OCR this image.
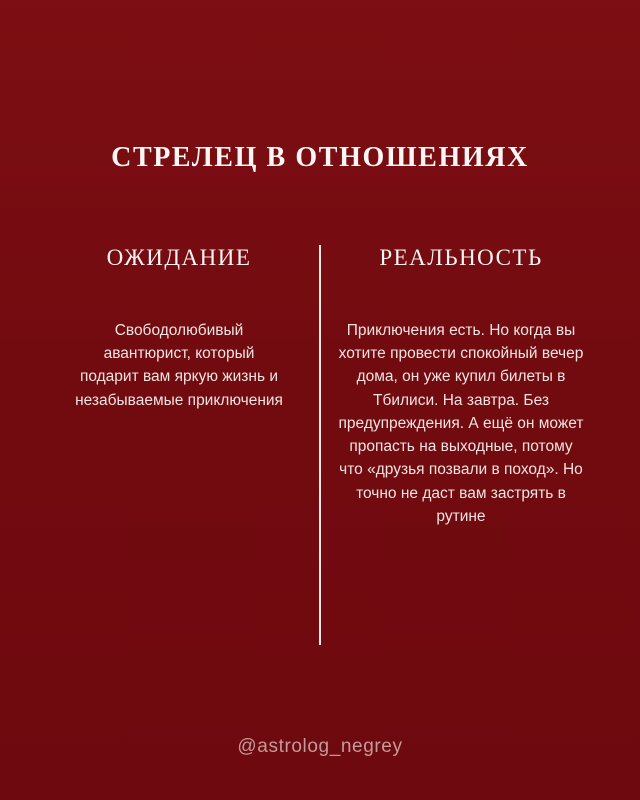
СТРЕЛЕЦ В ОТНОШЕНИЯХ
ОЖИДАНИЕ

Свободолюбивый авантюрист, который подарит вам яркую жизнь и незабываемые приключения

РЕАЛЬНОСТЬ

Приключения есть. Но когда вы хотите провести спокойный вечер дома, он уже купил билеты в Тбилиси. На завтра. Без предупреждения. А ещё он может пропасть на выходные, потому что «друзья позвали в поход». Но точно не даст вам застрять в рутине

@astrolog_negrey
